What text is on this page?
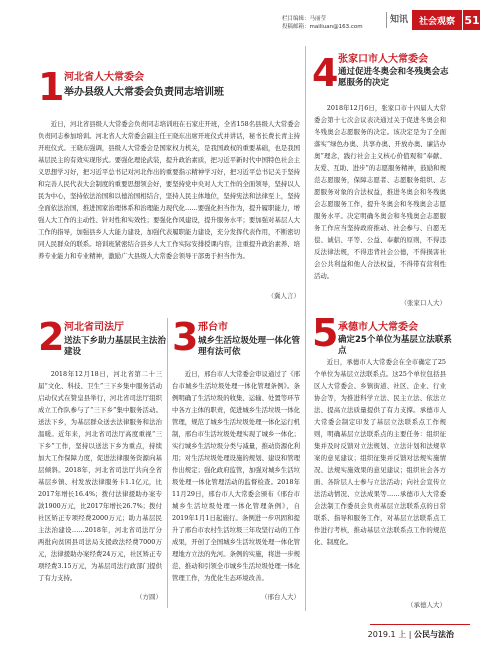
栏目编辑：马丽莹
投稿邮箱：mailiuan@163.com
知讯	社会观察 51
1 河北省人大常委会
举办县级人大常委会负责同志培训班

近日，河北省县级人大常委会负责同志培训班在石家庄开班，全省158名县级人大常委会负责同志参加培训。河北省人大常委会副主任王晓东出席开班仪式并讲话，秘书长费长青主持开班仪式。王晓东强调，县级人大常委会是国家权力机关，是我国政权的重要基础，也是我国基层民主的有效实现形式。要强化理论武装，提升政治素质，把习近平新时代中国特色社会主义思想学习好，把习近平总书记对河北作出的重要指示精神学习好，把习近平总书记关于坚持和完善人民代表大会制度的重要思想领会好，要坚持党中央对人大工作的全面领导，坚持以人民为中心，坚持依法治国和以德治国相结合，坚持人民主体地位，坚持宪法和法律至上，坚持全面依法治国，推进国家治理体系和治理能力现代化……要强化担当作为，提升履职能力，增强人大工作的主动性、针对性和实效性；要强化作风建设，提升服务水平；要加强对基层人大工作的指导，加强县乡人大能力建设，加强代表履职能力建设，充分发挥代表作用，不断密切同人民群众的联系。培训班紧密结合县乡人大工作实际安排授课内容，注重提升政治素养、培养专业能力和专业精神，激励广大县级人大常委会领导干部勇于担当作为。

（冀人言）
2 河北省司法厅
送法下乡助力基层民主法治建设

2018年12月18日，河北省第二十三届“文化、科技、卫生”三下乡集中服务活动启动仪式在赞皇县举行，河北省司法厅组织成立工作队参与了“三下乡”集中服务活动。送法下乡，为基层群众送去法律服务和法治温暖。近年来，河北省司法厅高度重视“三下乡”工作，坚持以送法下乡为重点，持续加大工作保障力度，促进法律服务资源向基层倾斜。2018年，河北省司法厅共向全省基层乡镇、村发放法律服务卡1.1亿元，比2017年增长16.4%；拨付法律援助办案专款1900万元，比2017年增长26.7%；拨付社区矫正专项经费2000万元；助力基层民主法治建设……2018年，河北省司法厅分两批向贫困县司法局支援政法经费7000万元，法律援助办案经费24万元，社区矫正专项经费3.15万元，为基层司法行政部门提供了有力支持。

（方圆）
3 邢台市
城乡生活垃圾处理一体化管理有法可依

近日，邢台市人大常委会审议通过了《邢台市城乡生活垃圾处理一体化管理条例》。条例明确了生活垃圾的收集、运输、处置等环节中各方主体的职责，促进城乡生活垃圾一体化管理，规范了城乡生活垃圾处理一体化运行机制，邢台市生活垃圾处理实现了城乡一体化；实行城乡生活垃圾分类与减量，推动资源化利用；对生活垃圾处理设施的规划、建设和管理作出规定；强化政府监管，加强对城乡生活垃圾处理一体化管理活动的监督检查。2018年11月29日，邢台市人大常委会颁布《邢台市城乡生活垃圾处理一体化管理条例》，自2019年1月1日起施行。条例进一步巩固和提升了邢台市农村生活垃圾三年攻坚行动的工作成果，开创了全国城乡生活垃圾处理一体化管理地方立法的先河。条例的实施，将进一步规范、推动和引领全市城乡生活垃圾处理一体化管理工作，为优化生态环境改善。

（邢台人大）
4 张家口市人大常委会
通过促进冬奥会和冬残奥会志愿服务的决定

2018年12月6日，张家口市十四届人大常委会第十七次会议表决通过关于促进冬奥会和冬残奥会志愿服务的决定。该决定是为了全面落实“绿色办奥、共享办奥、开放办奥、廉洁办奥”理念，践行社会主义核心价值观和“奉献、友爱、互助、进步”的志愿服务精神，鼓励和规范志愿服务，保障志愿者、志愿服务组织、志愿服务对象的合法权益，推进冬奥会和冬残奥会志愿服务工作，提升冬奥会和冬残奥会志愿服务水平。决定明确冬奥会和冬残奥会志愿服务工作应当坚持政府推动、社会参与、自愿无偿、诚信、平等、公益、奉献的原则，不得违反法律法规，不得违背社会公德，不得损害社会公共利益和他人合法权益，不得带有营利性活动。

（张家口人大）
5 承德市人大常委会
确定25个单位为基层立法联系点

近日，承德市人大常委会在全市确定了25个单位为基层立法联系点。这25个单位包括县区人大常委会、乡镇街道、社区、企业、行业协会等，为推进科学立法、民主立法、依法立法、提高立法质量提供了有力支撑。承德市人大常委会制定印发了基层立法联系点工作规则，明确基层立法联系点的主要任务：组织征集并及时反馈对立法规划、立法计划和法规草案的意见建议；组织征集并反馈对法规实施情况、法规实施效果的意见建议；组织社会各方面、各阶层人士参与立法活动；向社会宣传立法活动情况、立法成果等……承德市人大常委会法制工作委员会负责基层立法联系点的日常联系、指导和服务工作，对基层立法联系点工作进行考核，推动基层立法联系点工作的规范化、制度化。

（承德人大）
2019.1 上 | 公民与法治
